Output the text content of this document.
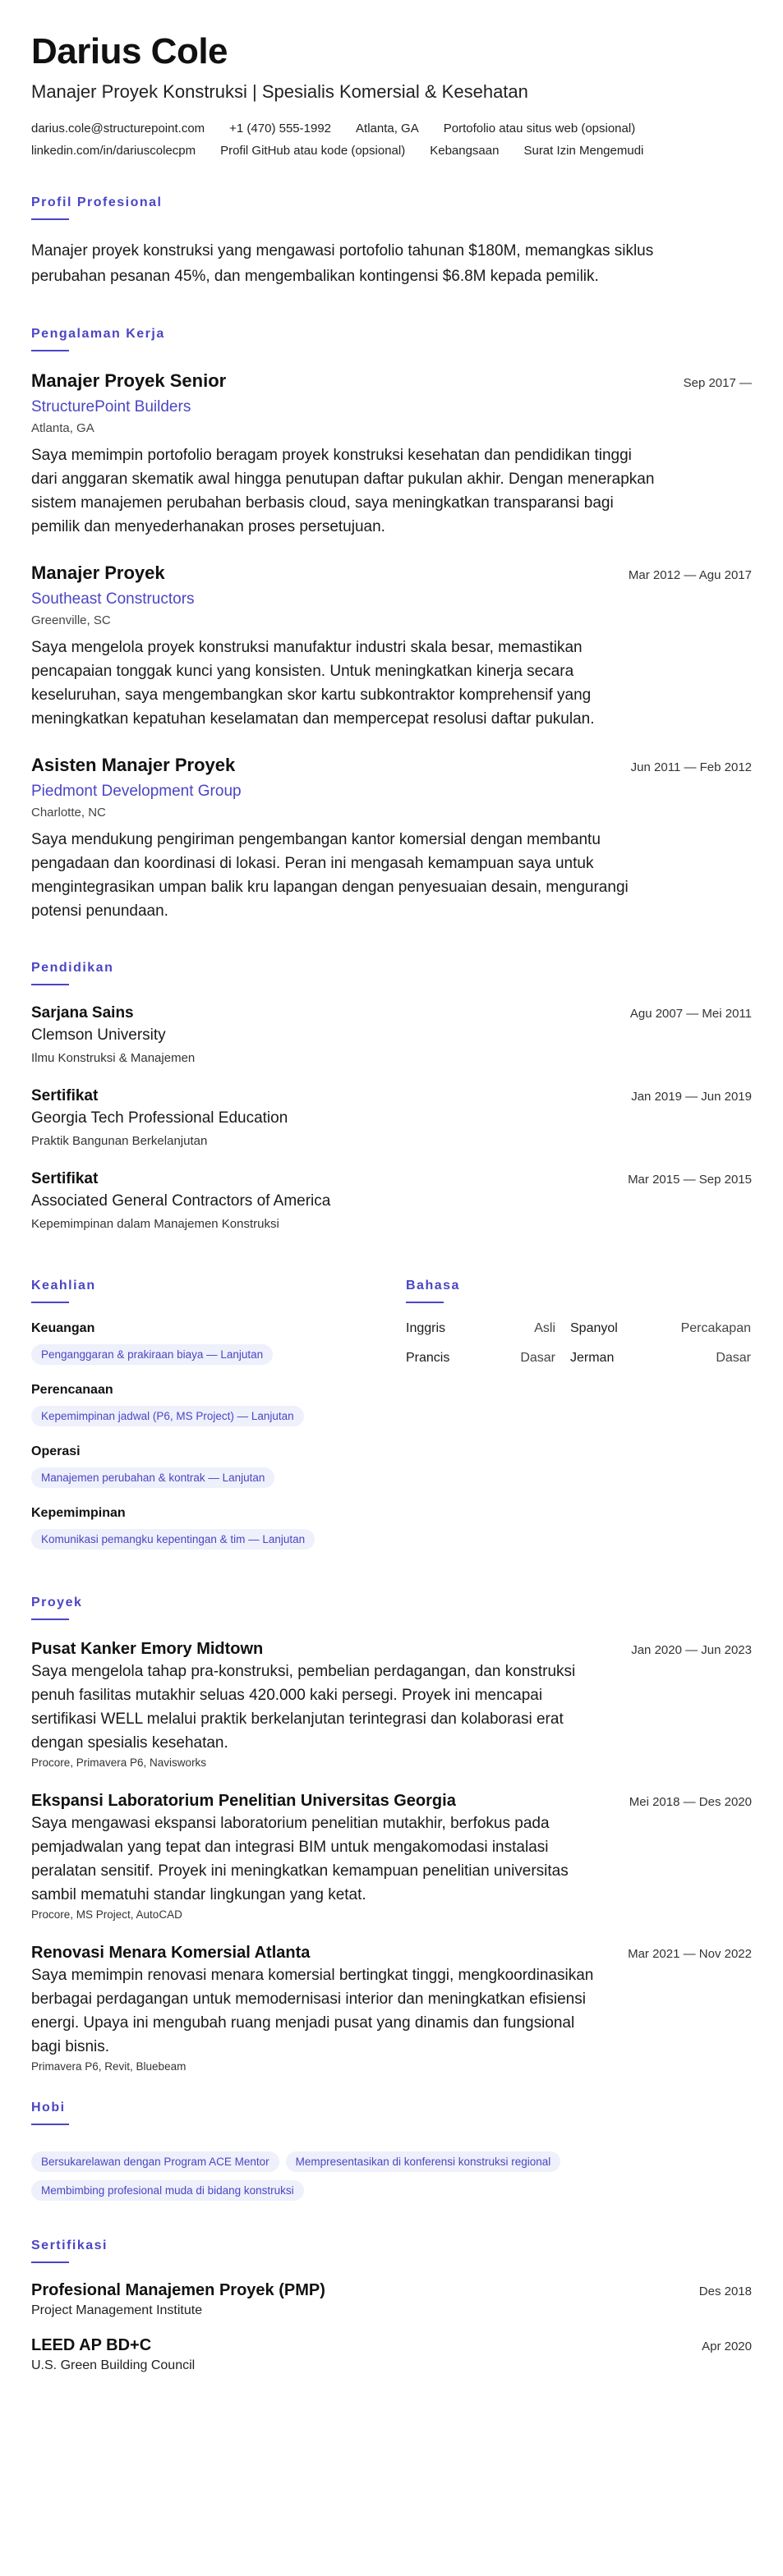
Darius Cole
Manajer Proyek Konstruksi | Spesialis Komersial & Kesehatan
darius.cole@structurepoint.com +1 (470) 555-1992 Atlanta, GA Portofolio atau situs web (opsional)
linkedin.com/in/dariuscolecpm Profil GitHub atau kode (opsional) Kebangsaan Surat Izin Mengemudi
Profil Profesional
Manajer proyek konstruksi yang mengawasi portofolio tahunan $180M, memangkas siklus perubahan pesanan 45%, dan mengembalikan kontingensi $6.8M kepada pemilik.
Pengalaman Kerja
Manajer Proyek Senior	Sep 2017 —
StructurePoint Builders
Atlanta, GA
Saya memimpin portofolio beragam proyek konstruksi kesehatan dan pendidikan tinggi dari anggaran skematik awal hingga penutupan daftar pukulan akhir. Dengan menerapkan sistem manajemen perubahan berbasis cloud, saya meningkatkan transparansi bagi pemilik dan menyederhanakan proses persetujuan.
Manajer Proyek	Mar 2012 — Agu 2017
Southeast Constructors
Greenville, SC
Saya mengelola proyek konstruksi manufaktur industri skala besar, memastikan pencapaian tonggak kunci yang konsisten. Untuk meningkatkan kinerja secara keseluruhan, saya mengembangkan skor kartu subkontraktor komprehensif yang meningkatkan kepatuhan keselamatan dan mempercepat resolusi daftar pukulan.
Asisten Manajer Proyek	Jun 2011 — Feb 2012
Piedmont Development Group
Charlotte, NC
Saya mendukung pengiriman pengembangan kantor komersial dengan membantu pengadaan dan koordinasi di lokasi. Peran ini mengasah kemampuan saya untuk mengintegrasikan umpan balik kru lapangan dengan penyesuaian desain, mengurangi potensi penundaan.
Pendidikan
Sarjana Sains	Agu 2007 — Mei 2011
Clemson University
Ilmu Konstruksi & Manajemen
Sertifikat	Jan 2019 — Jun 2019
Georgia Tech Professional Education
Praktik Bangunan Berkelanjutan
Sertifikat	Mar 2015 — Sep 2015
Associated General Contractors of America
Kepemimpinan dalam Manajemen Konstruksi
Keahlian
Keuangan
Penganggaran & prakiraan biaya — Lanjutan
Perencanaan
Kepemimpinan jadwal (P6, MS Project) — Lanjutan
Operasi
Manajemen perubahan & kontrak — Lanjutan
Kepemimpinan
Komunikasi pemangku kepentingan & tim — Lanjutan
Bahasa
Inggris	Asli Spanyol	Percakapan
Prancis	Dasar Jerman	Dasar
Proyek
Pusat Kanker Emory Midtown	Jan 2020 — Jun 2023
Saya mengelola tahap pra-konstruksi, pembelian perdagangan, dan konstruksi penuh fasilitas mutakhir seluas 420.000 kaki persegi. Proyek ini mencapai sertifikasi WELL melalui praktik berkelanjutan terintegrasi dan kolaborasi erat dengan spesialis kesehatan.
Procore, Primavera P6, Navisworks
Ekspansi Laboratorium Penelitian Universitas Georgia	Mei 2018 — Des 2020
Saya mengawasi ekspansi laboratorium penelitian mutakhir, berfokus pada pemjadwalan yang tepat dan integrasi BIM untuk mengakomodasi instalasi peralatan sensitif. Proyek ini meningkatkan kemampuan penelitian universitas sambil mematuhi standar lingkungan yang ketat.
Procore, MS Project, AutoCAD
Renovasi Menara Komersial Atlanta	Mar 2021 — Nov 2022
Saya memimpin renovasi menara komersial bertingkat tinggi, mengkoordinasikan berbagai perdagangan untuk memodernisasi interior dan meningkatkan efisiensi energi. Upaya ini mengubah ruang menjadi pusat yang dinamis dan fungsional bagi bisnis.
Primavera P6, Revit, Bluebeam
Hobi
Bersukarelawan dengan Program ACE Mentor Mempresentasikan di konferensi konstruksi regionalMembimbing profesional muda di bidang konstruksi
Sertifikasi
Profesional Manajemen Proyek (PMP)	Des 2018
Project Management Institute
LEED AP BD+C	Apr 2020
U.S. Green Building Council
